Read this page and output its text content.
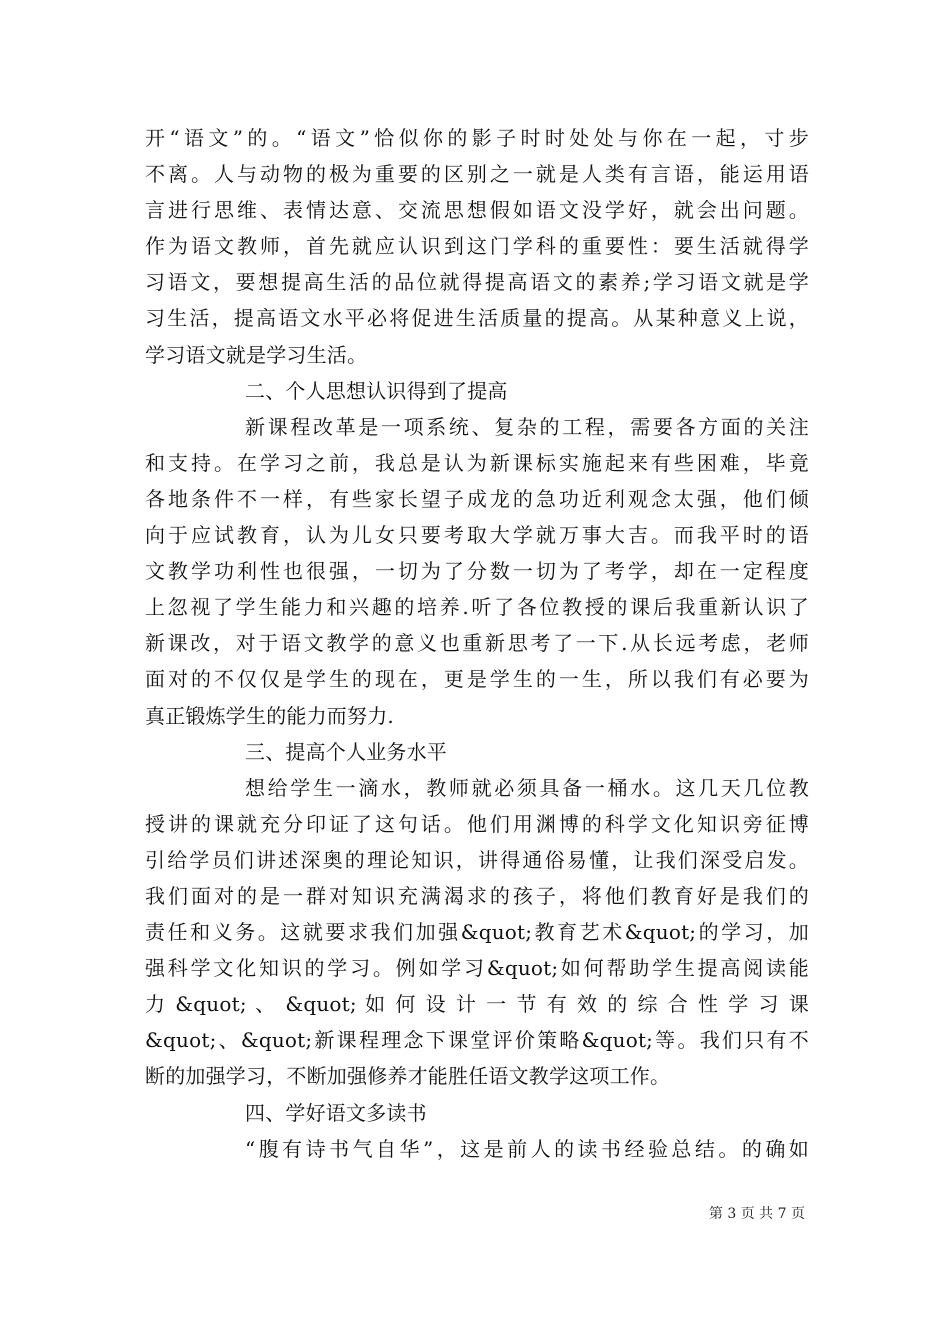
开“语文”的。“语文”恰似你的影子时时处处与你在一起，寸步
不离。人与动物的极为重要的区别之一就是人类有言语，能运用语
言进行思维、表情达意、交流思想假如语文没学好，就会出问题。
作为语文教师，首先就应认识到这门学科的重要性：要生活就得学
习语文，要想提高生活的品位就得提高语文的素养;学习语文就是学
习生活，提高语文水平必将促进生活质量的提高。从某种意义上说，
学习语文就是学习生活。
二、个人思想认识得到了提高
新课程改革是一项系统、复杂的工程，需要各方面的关注
和支持。在学习之前，我总是认为新课标实施起来有些困难，毕竟
各地条件不一样，有些家长望子成龙的急功近利观念太强，他们倾
向于应试教育，认为儿女只要考取大学就万事大吉。而我平时的语
文教学功利性也很强，一切为了分数一切为了考学，却在一定程度
上忽视了学生能力和兴趣的培养.听了各位教授的课后我重新认识了
新课改，对于语文教学的意义也重新思考了一下.从长远考虑，老师
面对的不仅仅是学生的现在，更是学生的一生，所以我们有必要为
真正锻炼学生的能力而努力.
三、提高个人业务水平
想给学生一滴水，教师就必须具备一桶水。这几天几位教
授讲的课就充分印证了这句话。他们用渊博的科学文化知识旁征博
引给学员们讲述深奥的理论知识，讲得通俗易懂，让我们深受启发。
我们面对的是一群对知识充满渴求的孩子，将他们教育好是我们的
责任和义务。这就要求我们加强&quot;教育艺术&quot;的学习，加
强科学文化知识的学习。例如学习&quot;如何帮助学生提高阅读能
力 &quot; 、 &quot; 如 何 设 计 一 节 有 效 的 综 合 性 学 习 课
&quot;、&quot;新课程理念下课堂评价策略&quot;等。我们只有不
断的加强学习，不断加强修养才能胜任语文教学这项工作。
四、学好语文多读书
“腹有诗书气自华”，这是前人的读书经验总结。的确如
第 3 页 共 7 页
